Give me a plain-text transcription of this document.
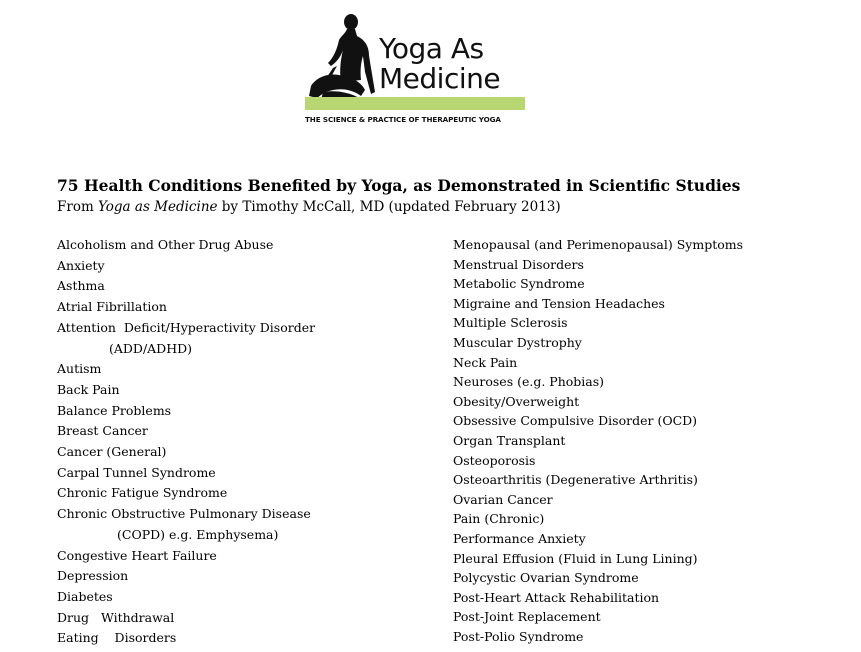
Yoga As
Medicine
THE SCIENCE & PRACTICE OF THERAPEUTIC YOGA
75 Health Conditions Benefited by Yoga, as Demonstrated in Scientific Studies
From Yoga as Medicine by Timothy McCall, MD (updated February 2013)
Alcoholism and Other Drug Abuse
Anxiety
Asthma
Atrial Fibrillation
Attention  Deficit/Hyperactivity Disorder
(ADD/ADHD)
Autism
Back Pain
Balance Problems
Breast Cancer
Cancer (General)
Carpal Tunnel Syndrome
Chronic Fatigue Syndrome
Chronic Obstructive Pulmonary Disease
(COPD) e.g. Emphysema)
Congestive Heart Failure
Depression
Diabetes
Drug   Withdrawal
Eating    Disorders
Menopausal (and Perimenopausal) Symptoms
Menstrual Disorders
Metabolic Syndrome
Migraine and Tension Headaches
Multiple Sclerosis
Muscular Dystrophy
Neck Pain
Neuroses (e.g. Phobias)
Obesity/Overweight
Obsessive Compulsive Disorder (OCD)
Organ Transplant
Osteoporosis
Osteoarthritis (Degenerative Arthritis)
Ovarian Cancer
Pain (Chronic)
Performance Anxiety
Pleural Effusion (Fluid in Lung Lining)
Polycystic Ovarian Syndrome
Post-Heart Attack Rehabilitation
Post-Joint Replacement
Post-Polio Syndrome
